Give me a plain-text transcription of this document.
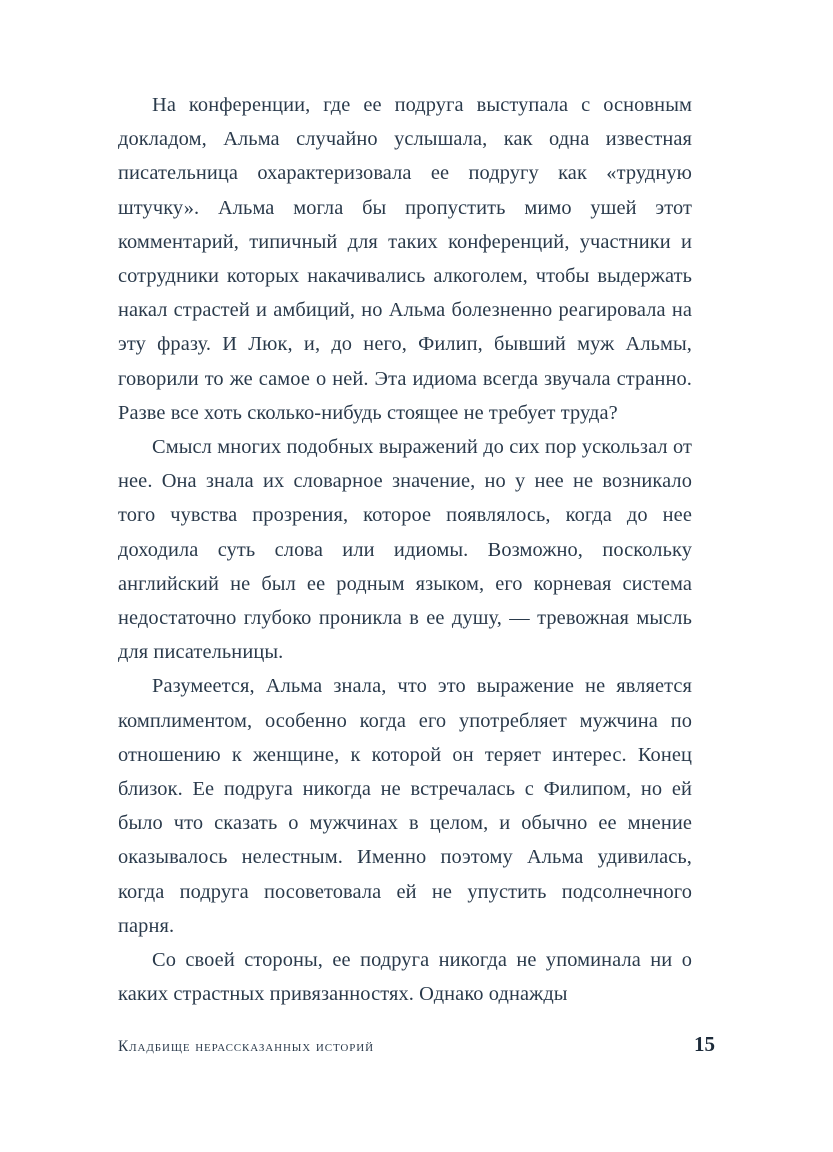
На конференции, где ее подруга выступала с основным докладом, Альма случайно услышала, как одна известная писательница охарактеризовала ее подругу как «трудную штучку». Альма могла бы пропустить мимо ушей этот комментарий, типичный для таких конференций, участники и сотрудники которых накачивались алкоголем, чтобы выдержать накал страстей и амбиций, но Альма болезненно реагировала на эту фразу. И Люк, и, до него, Филип, бывший муж Альмы, говорили то же самое о ней. Эта идиома всегда звучала странно. Разве все хоть сколько-нибудь стоящее не требует труда?

Смысл многих подобных выражений до сих пор ускользал от нее. Она знала их словарное значение, но у нее не возникало того чувства прозрения, которое появлялось, когда до нее доходила суть слова или идиомы. Возможно, поскольку английский не был ее родным языком, его корневая система недостаточно глубоко проникла в ее душу, — тревожная мысль для писательницы.

Разумеется, Альма знала, что это выражение не является комплиментом, особенно когда его употребляет мужчина по отношению к женщине, к которой он теряет интерес. Конец близок. Ее подруга никогда не встречалась с Филипом, но ей было что сказать о мужчинах в целом, и обычно ее мнение оказывалось нелестным. Именно поэтому Альма удивилась, когда подруга посоветовала ей не упустить подсолнечного парня.

Со своей стороны, ее подруга никогда не упоминала ни о каких страстных привязанностях. Однако однажды

Кладбище нерассказанных историй	15
